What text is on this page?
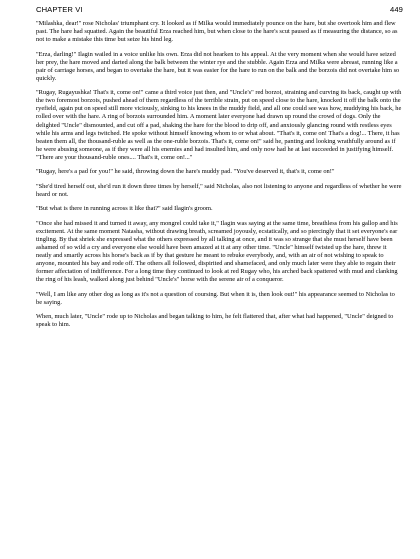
CHAPTER VI	449

"Milashka, dear!" rose Nicholas' triumphant cry. It looked as if Milka would immediately pounce on the hare, but she overtook him and flew past. The hare had squatted. Again the beautiful Erza reached him, but when close to the hare's scut paused as if measuring the distance, so as not to make a mistake this time but seize his hind leg.

"Erza, darling!" Ilagin wailed in a voice unlike his own. Erza did not hearken to his appeal. At the very moment when she would have seized her prey, the hare moved and darted along the balk between the winter rye and the stubble. Again Erza and Milka were abreast, running like a pair of carriage horses, and began to overtake the hare, but it was easier for the hare to run on the balk and the borzois did not overtake him so quickly.

"Rugay, Rugayushka! That's it, come on!" came a third voice just then, and "Uncle's" red borzoi, straining and curving its back, caught up with the two foremost borzois, pushed ahead of them regardless of the terrible strain, put on speed close to the hare, knocked it off the balk onto the ryefield, again put on speed still more viciously, sinking to his knees in the muddy field, and all one could see was how, muddying his back, he rolled over with the hare. A ring of borzois surrounded him. A moment later everyone had drawn up round the crowd of dogs. Only the delighted "Uncle" dismounted, and cut off a pad, shaking the hare for the blood to drip off, and anxiously glancing round with restless eyes while his arms and legs twitched. He spoke without himself knowing whom to or what about. "That's it, come on! That's a dog!... There, it has beaten them all, the thousand-ruble as well as the one-ruble borzois. That's it, come on!" said he, panting and looking wrathfully around as if he were abusing someone, as if they were all his enemies and had insulted him, and only now had he at last succeeded in justifying himself. "There are your thousand-ruble ones.... That's it, come on!..."

"Rugay, here's a pad for you!" he said, throwing down the hare's muddy pad. "You've deserved it, that's it, come on!"

"She'd tired herself out, she'd run it down three times by herself," said Nicholas, also not listening to anyone and regardless of whether he were heard or not.

"But what is there in running across it like that?" said Ilagin's groom.

"Once she had missed it and turned it away, any mongrel could take it," Ilagin was saying at the same time, breathless from his gallop and his excitement. At the same moment Natasha, without drawing breath, screamed joyously, ecstatically, and so piercingly that it set everyone's ear tingling. By that shriek she expressed what the others expressed by all talking at once, and it was so strange that she must herself have been ashamed of so wild a cry and everyone else would have been amazed at it at any other time. "Uncle" himself twisted up the hare, threw it neatly and smartly across his horse's back as if by that gesture he meant to rebuke everybody, and, with an air of not wishing to speak to anyone, mounted his bay and rode off. The others all followed, dispirited and shamefaced, and only much later were they able to regain their former affectation of indifference. For a long time they continued to look at red Rugay who, his arched back spattered with mud and clanking the ring of his leash, walked along just behind "Uncle's" horse with the serene air of a conqueror.

"Well, I am like any other dog as long as it's not a question of coursing. But when it is, then look out!" his appearance seemed to Nicholas to be saying.

When, much later, "Uncle" rode up to Nicholas and began talking to him, he felt flattered that, after what had happened, "Uncle" deigned to speak to him.
